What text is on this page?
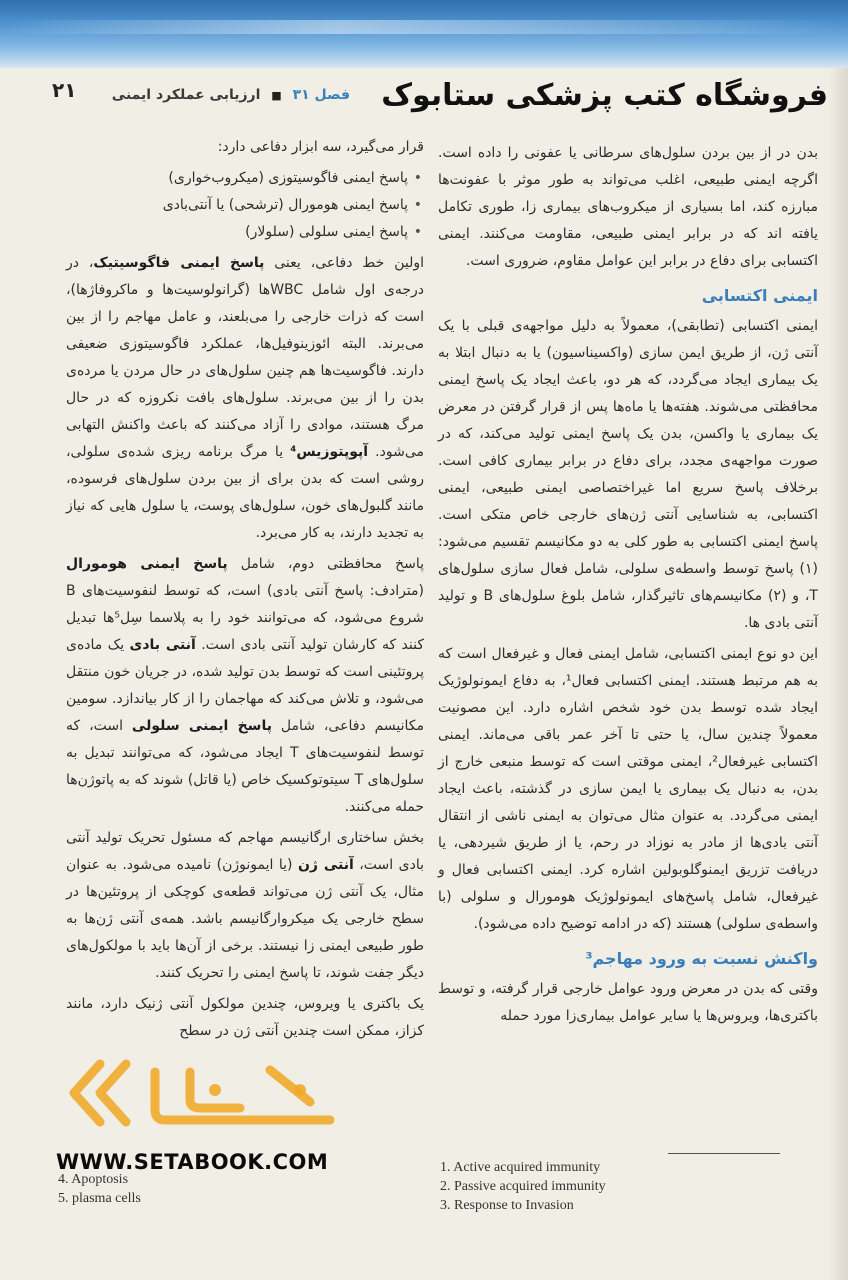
۲۱	فصل ۳۱ ■ ارزیابی عملکرد ایمنی	فروشگاه کتب پزشکی ستابوک

بدن در از بین بردن سلول‌های سرطانی یا عفونی را داده است. اگرچه ایمنی طبیعی، اغلب می‌تواند به طور موثر با عفونت‌ها مبارزه کند، اما بسیاری از میکروب‌های بیماری زا، طوری تکامل یافته اند که در برابر ایمنی طبیعی، مقاومت می‌کنند. ایمنی اکتسابی برای دفاع در برابر این عوامل مقاوم، ضروری است.

ایمنی اکتسابی

ایمنی اکتسابی (تطابقی)، معمولاً به دلیل مواجهه‌ی قبلی با یک آنتی ژن، از طریق ایمن سازی (واکسیناسیون) یا به دنبال ابتلا به یک بیماری ایجاد می‌گردد، که هر دو، باعث ایجاد یک پاسخ ایمنی محافظتی می‌شوند. هفته‌ها یا ماه‌ها پس از قرار گرفتن در معرض یک بیماری یا واکسن، بدن یک پاسخ ایمنی تولید می‌کند، که در صورت مواجهه‌ی مجدد، برای دفاع در برابر بیماری کافی است. برخلاف پاسخ سریع اما غیراختصاصی ایمنی طبیعی، ایمنی اکتسابی، به شناسایی آنتی ژن‌های خارجی خاص متکی است. پاسخ ایمنی اکتسابی به طور کلی به دو مکانیسم تقسیم می‌شود: (۱) پاسخ توسط واسطه‌ی سلولی، شامل فعال سازی سلول‌های T، و (۲) مکانیسم‌های تاثیرگذار، شامل بلوغ سلول‌های B و تولید آنتی بادی ها.

این دو نوع ایمنی اکتسابی، شامل ایمنی فعال و غیرفعال است که به هم مرتبط هستند. ایمنی اکتسابی فعال¹، به دفاع ایمونولوژیک ایجاد شده توسط بدن خود شخص اشاره دارد. این مصونیت معمولاً چندین سال، یا حتی تا آخر عمر باقی می‌ماند. ایمنی اکتسابی غیرفعال²، ایمنی موقتی است که توسط منبعی خارج از بدن، به دنبال یک بیماری یا ایمن سازی در گذشته، باعث ایجاد ایمنی می‌گردد. به عنوان مثال می‌توان به ایمنی ناشی از انتقال آنتی بادی‌ها از مادر به نوزاد در رحم، یا از طریق شیردهی، یا دریافت تزریق ایمنوگلوبولین اشاره کرد. ایمنی اکتسابی فعال و غیرفعال، شامل پاسخ‌های ایمونولوژیک هومورال و سلولی (با واسطه‌ی سلولی) هستند (که در ادامه توضیح داده می‌شود).

واکنش نسبت به ورود مهاجم³

وقتی که بدن در معرض ورود عوامل خارجی قرار گرفته، و توسط باکتری‌ها، ویروس‌ها یا سایر عوامل بیماری‌زا مورد حمله

قرار می‌گیرد، سه ابزار دفاعی دارد:

• پاسخ ایمنی فاگوسیتوزی (میکروب‌خواری)
• پاسخ ایمنی هومورال (ترشحی) یا آنتی‌بادی
• پاسخ ایمنی سلولی (سلولار)

اولین خط دفاعی، یعنی پاسخ ایمنی فاگوسیتیک، در درجه‌ی اول شامل WBCها (گرانولوسیت‌ها و ماکروفاژها)، است که ذرات خارجی را می‌بلعند، و عامل مهاجم را از بین می‌برند. البته ائوزینوفیل‌ها، عملکرد فاگوسیتوزی ضعیفی دارند. فاگوسیت‌ها هم چنین سلول‌های در حال مردن یا مرده‌ی بدن را از بین می‌برند. سلول‌های بافت نکروزه که در حال مرگ هستند، موادی را آزاد می‌کنند که باعث واکنش التهابی می‌شود. آپوپتوزیس⁴ یا مرگ برنامه ریزی شده‌ی سلولی، روشی است که بدن برای از بین بردن سلول‌های فرسوده، مانند گلبول‌های خون، سلول‌های پوست، یا سلول هایی که نیاز به تجدید دارند، به کار می‌برد.

پاسخ محافظتی دوم، شامل پاسخ ایمنی هومورال (مترادف: پاسخ آنتی بادی) است، که توسط لنفوسیت‌های B شروع می‌شود، که می‌توانند خود را به پلاسما سِل⁵ها تبدیل کنند که کارشان تولید آنتی بادی است. آنتی بادی یک ماده‌ی پروتئینی است که توسط بدن تولید شده، در جریان خون منتقل می‌شود، و تلاش می‌کند که مهاجمان را از کار بیاندازد. سومین مکانیسم دفاعی، شامل پاسخ ایمنی سلولی است، که توسط لنفوسیت‌های T ایجاد می‌شود، که می‌توانند تبدیل به سلول‌های T سیتوتوکسیک خاص (یا قاتل) شوند که به پاتوژن‌ها حمله می‌کنند.

بخش ساختاری ارگانیسم مهاجم که مسئول تحریک تولید آنتی بادی است، آنتی ژن (یا ایمونوژن) نامیده می‌شود. به عنوان مثال، یک آنتی ژن می‌تواند قطعه‌ی کوچکی از پروتئین‌ها در سطح خارجی یک میکروارگانیسم باشد. همه‌ی آنتی ژن‌ها به طور طبیعی ایمنی زا نیستند. برخی از آن‌ها باید با مولکول‌های دیگر جفت شوند، تا پاسخ ایمنی را تحریک کنند.

یک باکتری یا ویروس، چندین مولکول آنتی ژنیک دارد، مانند کزاز، ممکن است چندین آنتی ژن در سطح

WWW.SETABOOK.COM	1. Active acquired immunity
2. Passive acquired immunity
3. Response to Invasion
4. Apoptosis
5. plasma cells
